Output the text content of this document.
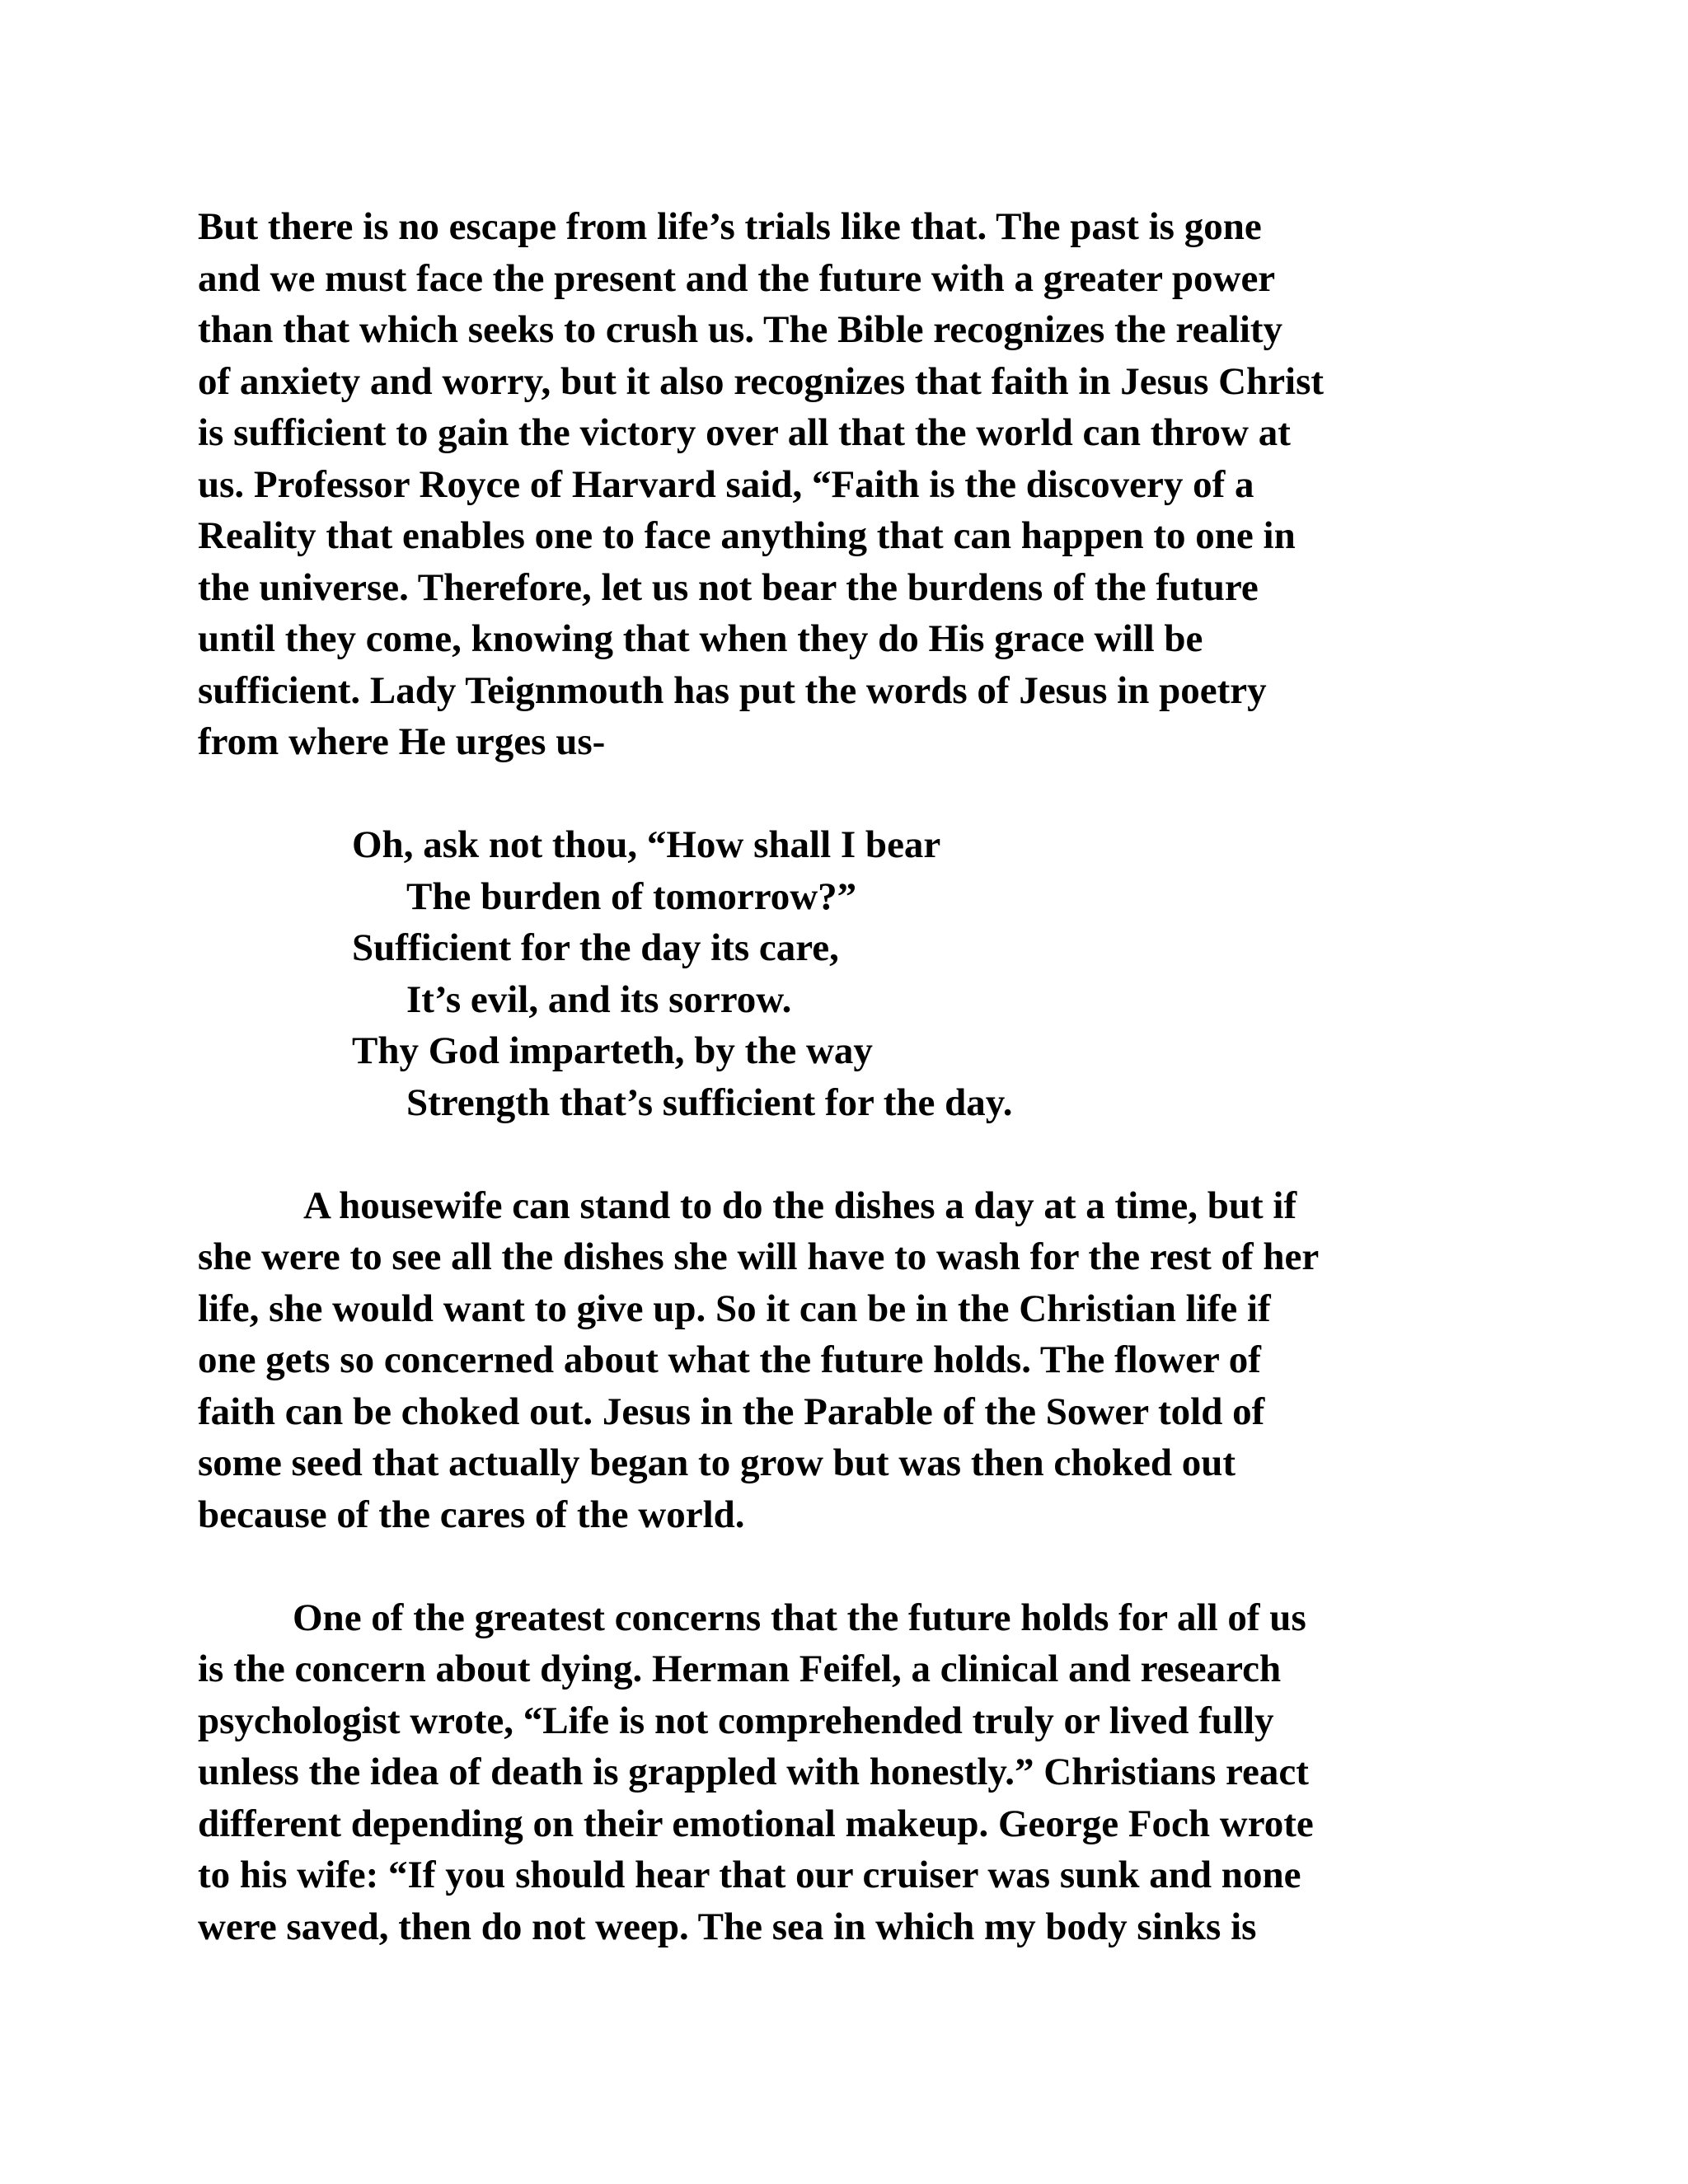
But there is no escape from life’s trials like that. The past is gone
and we must face the present and the future with a greater power
than that which seeks to crush us. The Bible recognizes the reality
of anxiety and worry, but it also recognizes that faith in Jesus Christ
is sufficient to gain the victory over all that the world can throw at
us. Professor Royce of Harvard said, “Faith is the discovery of a
Reality that enables one to face anything that can happen to one in
the universe. Therefore, let us not bear the burdens of the future
until they come, knowing that when they do His grace will be
sufficient. Lady Teignmouth has put the words of Jesus in poetry
from where He urges us-
Oh, ask not thou, “How shall I bear
The burden of tomorrow?”
Sufficient for the day its care,
It’s evil, and its sorrow.
Thy God imparteth, by the way
Strength that’s sufficient for the day.
A housewife can stand to do the dishes a day at a time, but if
she were to see all the dishes she will have to wash for the rest of her
life, she would want to give up. So it can be in the Christian life if
one gets so concerned about what the future holds. The flower of
faith can be choked out. Jesus in the Parable of the Sower told of
some seed that actually began to grow but was then choked out
because of the cares of the world.
One of the greatest concerns that the future holds for all of us
is the concern about dying. Herman Feifel, a clinical and research
psychologist wrote, “Life is not comprehended truly or lived fully
unless the idea of death is grappled with honestly.” Christians react
different depending on their emotional makeup. George Foch wrote
to his wife: “If you should hear that our cruiser was sunk and none
were saved, then do not weep. The sea in which my body sinks is
